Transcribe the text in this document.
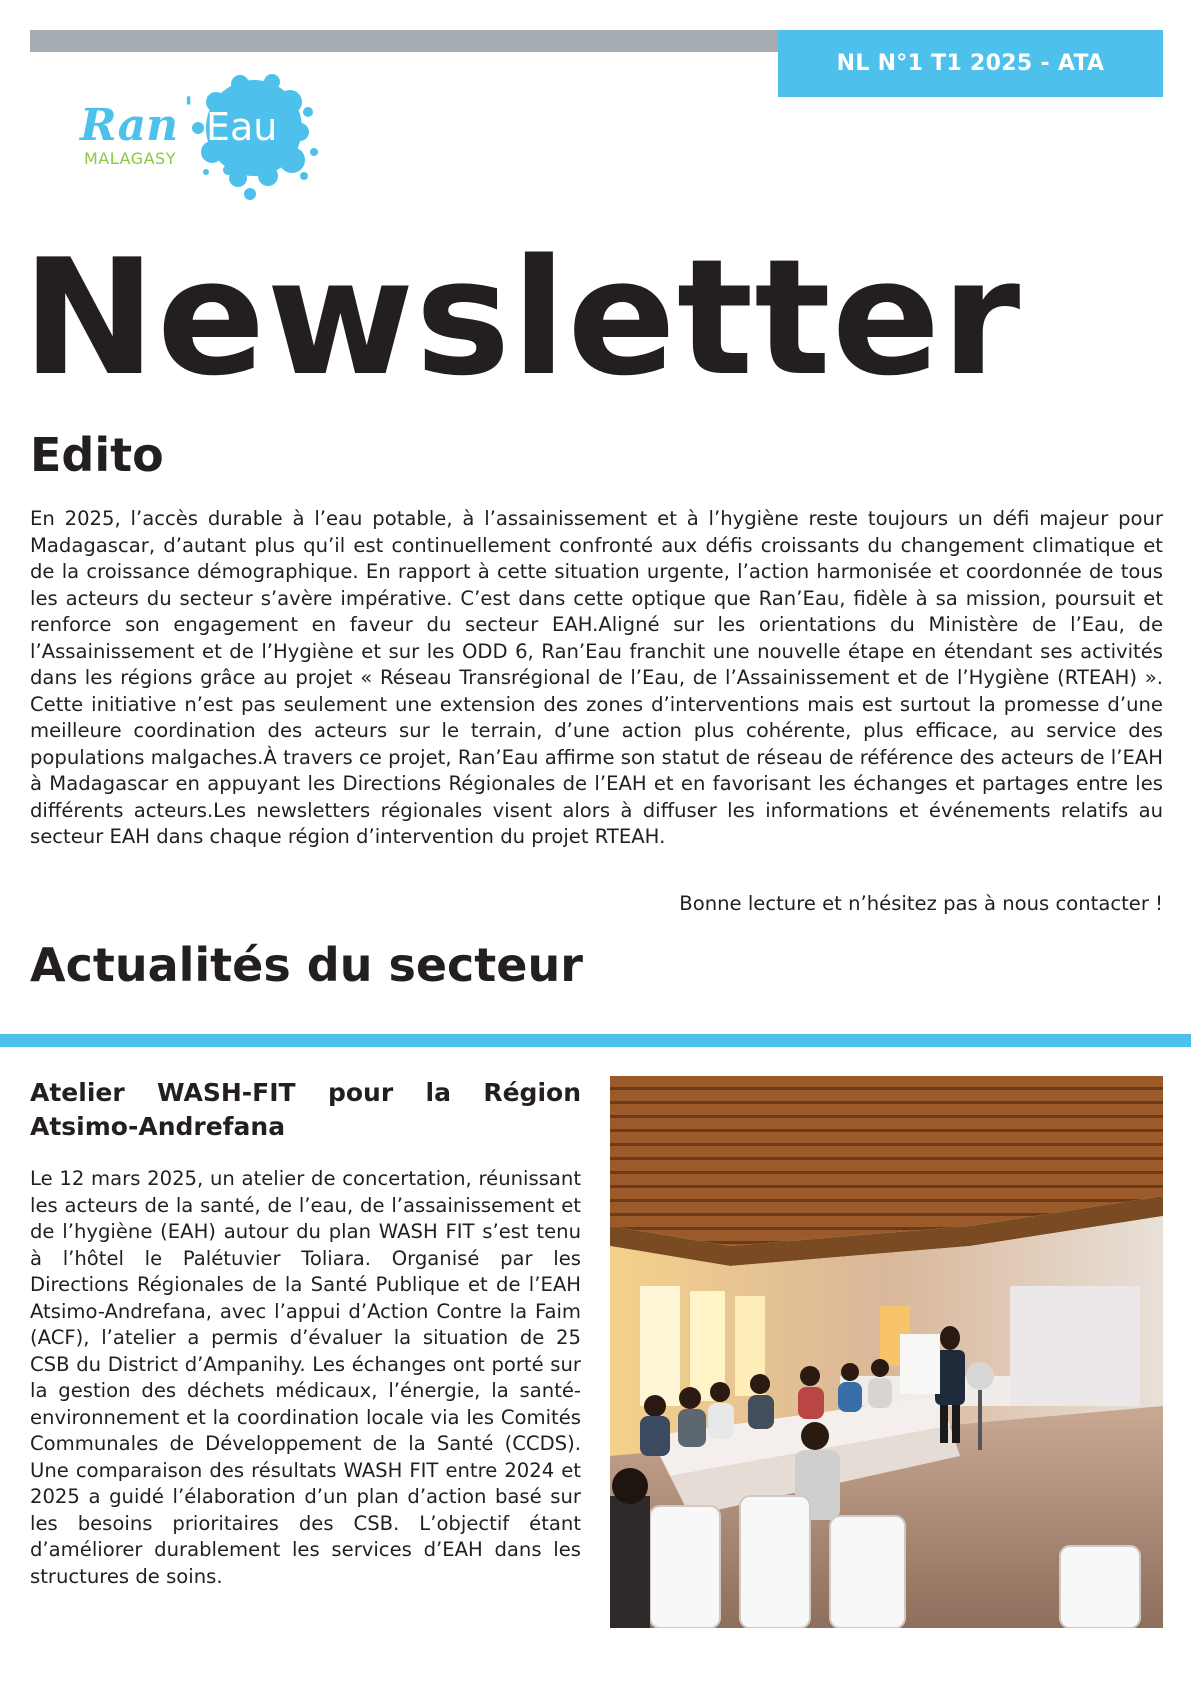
NL N°1 T1 2025 - ATA
Ran ' Eau
MALAGASY
Newsletter
Edito

En 2025, l’accès durable à l’eau potable, à l’assainissement et à l’hygiène reste toujours un défi majeur pour Madagascar, d’autant plus qu’il est continuellement confronté aux défis croissants du changement climatique et de la croissance démographique. En rapport à cette situation urgente, l’action harmonisée et coordonnée de tous les acteurs du secteur s’avère impérative. C’est dans cette optique que Ran’Eau, fidèle à sa mission, poursuit et renforce son engagement en faveur du secteur EAH.Aligné sur les orientations du Ministère de l’Eau, de l’Assainissement et de l’Hygiène et sur les ODD 6, Ran’Eau franchit une nouvelle étape en étendant ses activités dans les régions grâce au projet « Réseau Transrégional de l’Eau, de l’Assainissement et de l’Hygiène (RTEAH) ». Cette initiative n’est pas seulement une extension des zones d’interventions mais est surtout la promesse d’une meilleure coordination des acteurs sur le terrain, d’une action plus cohérente, plus efficace, au service des populations malgaches.À travers ce projet, Ran’Eau affirme son statut de réseau de référence des acteurs de l’EAH à Madagascar en appuyant les Directions Régionales de l’EAH et en favorisant les échanges et partages entre les différents acteurs.Les newsletters régionales visent alors à diffuser les informations et événements relatifs au secteur EAH dans chaque région d’intervention du projet RTEAH.

Bonne lecture et n’hésitez pas à nous contacter !

Actualités du secteur
Atelier WASH-FIT pour la Région Atsimo-Andrefana

Le 12 mars 2025, un atelier de concertation, réunissant les acteurs de la santé, de l’eau, de l’assainissement et de l’hygiène (EAH) autour du plan WASH FIT s’est tenu à l’hôtel le Palétuvier Toliara. Organisé par les Directions Régionales de la Santé Publique et de l’EAH Atsimo-Andrefana, avec l’appui d’Action Contre la Faim (ACF), l’atelier a permis d’évaluer la situation de 25 CSB du District d’Ampanihy. Les échanges ont porté sur la gestion des déchets médicaux, l’énergie, la santé-environnement et la coordination locale via les Comités Communales de Développement de la Santé (CCDS). Une comparaison des résultats WASH FIT entre 2024 et 2025 a guidé l’élaboration d’un plan d’action basé sur les besoins prioritaires des CSB. L’objectif étant d’améliorer durablement les services d’EAH dans les structures de soins.
